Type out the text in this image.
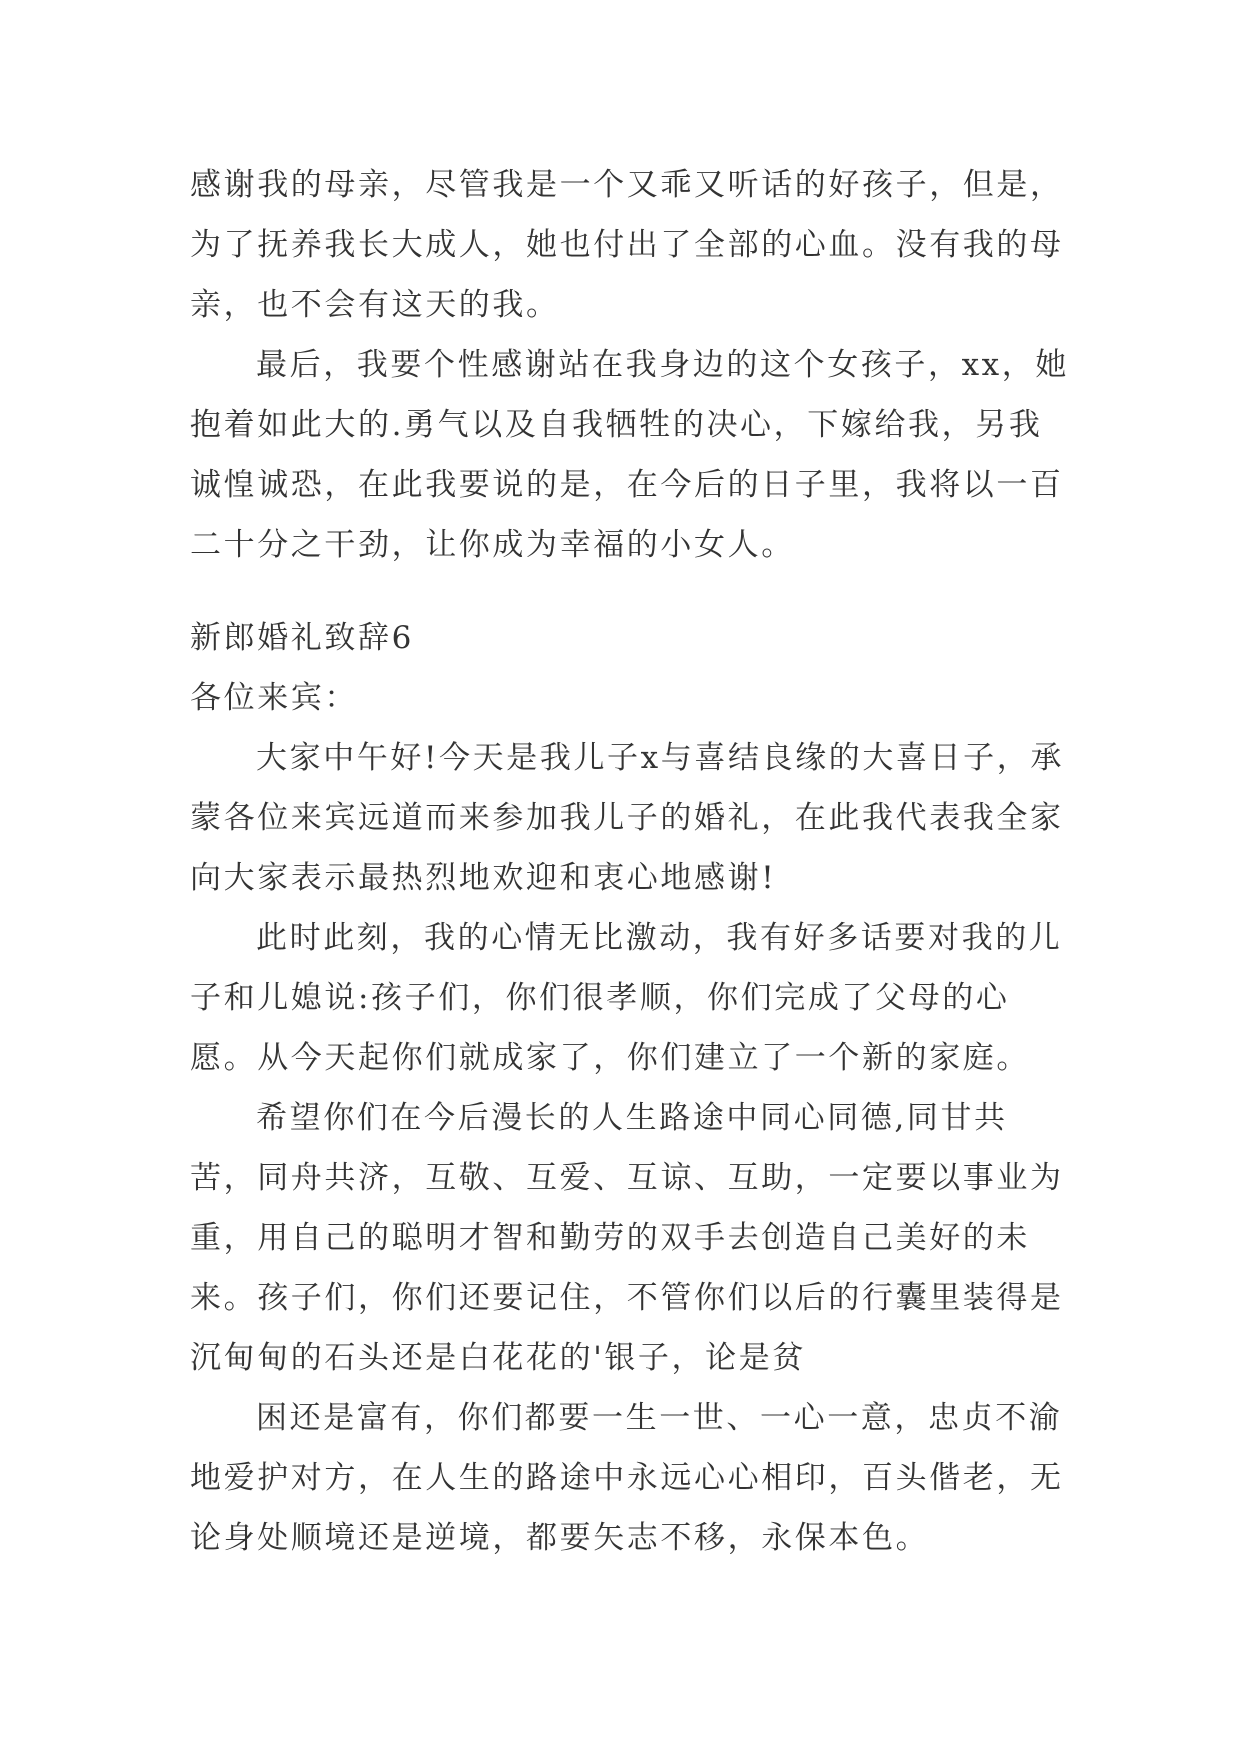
感谢我的母亲，尽管我是一个又乖又听话的好孩子，但是，为了抚养我长大成人，她也付出了全部的心血。没有我的母亲，也不会有这天的我。

最后，我要个性感谢站在我身边的这个女孩子，xx，她抱着如此大的.勇气以及自我牺牲的决心，下嫁给我，另我诚惶诚恐，在此我要说的是，在今后的日子里，我将以一百二十分之干劲，让你成为幸福的小女人。

新郎婚礼致辞6

各位来宾：

大家中午好!今天是我儿子x与喜结良缘的大喜日子，承蒙各位来宾远道而来参加我儿子的婚礼，在此我代表我全家向大家表示最热烈地欢迎和衷心地感谢!

此时此刻，我的心情无比激动，我有好多话要对我的儿子和儿媳说:孩子们，你们很孝顺，你们完成了父母的心愿。从今天起你们就成家了，你们建立了一个新的家庭。

希望你们在今后漫长的人生路途中同心同德,同甘共苦，同舟共济，互敬、互爱、互谅、互助，一定要以事业为重，用自己的聪明才智和勤劳的双手去创造自己美好的未来。孩子们，你们还要记住，不管你们以后的行囊里装得是沉甸甸的石头还是白花花的'银子，论是贫

困还是富有，你们都要一生一世、一心一意，忠贞不渝地爱护对方，在人生的路途中永远心心相印，百头偕老，无论身处顺境还是逆境，都要矢志不移，永保本色。
